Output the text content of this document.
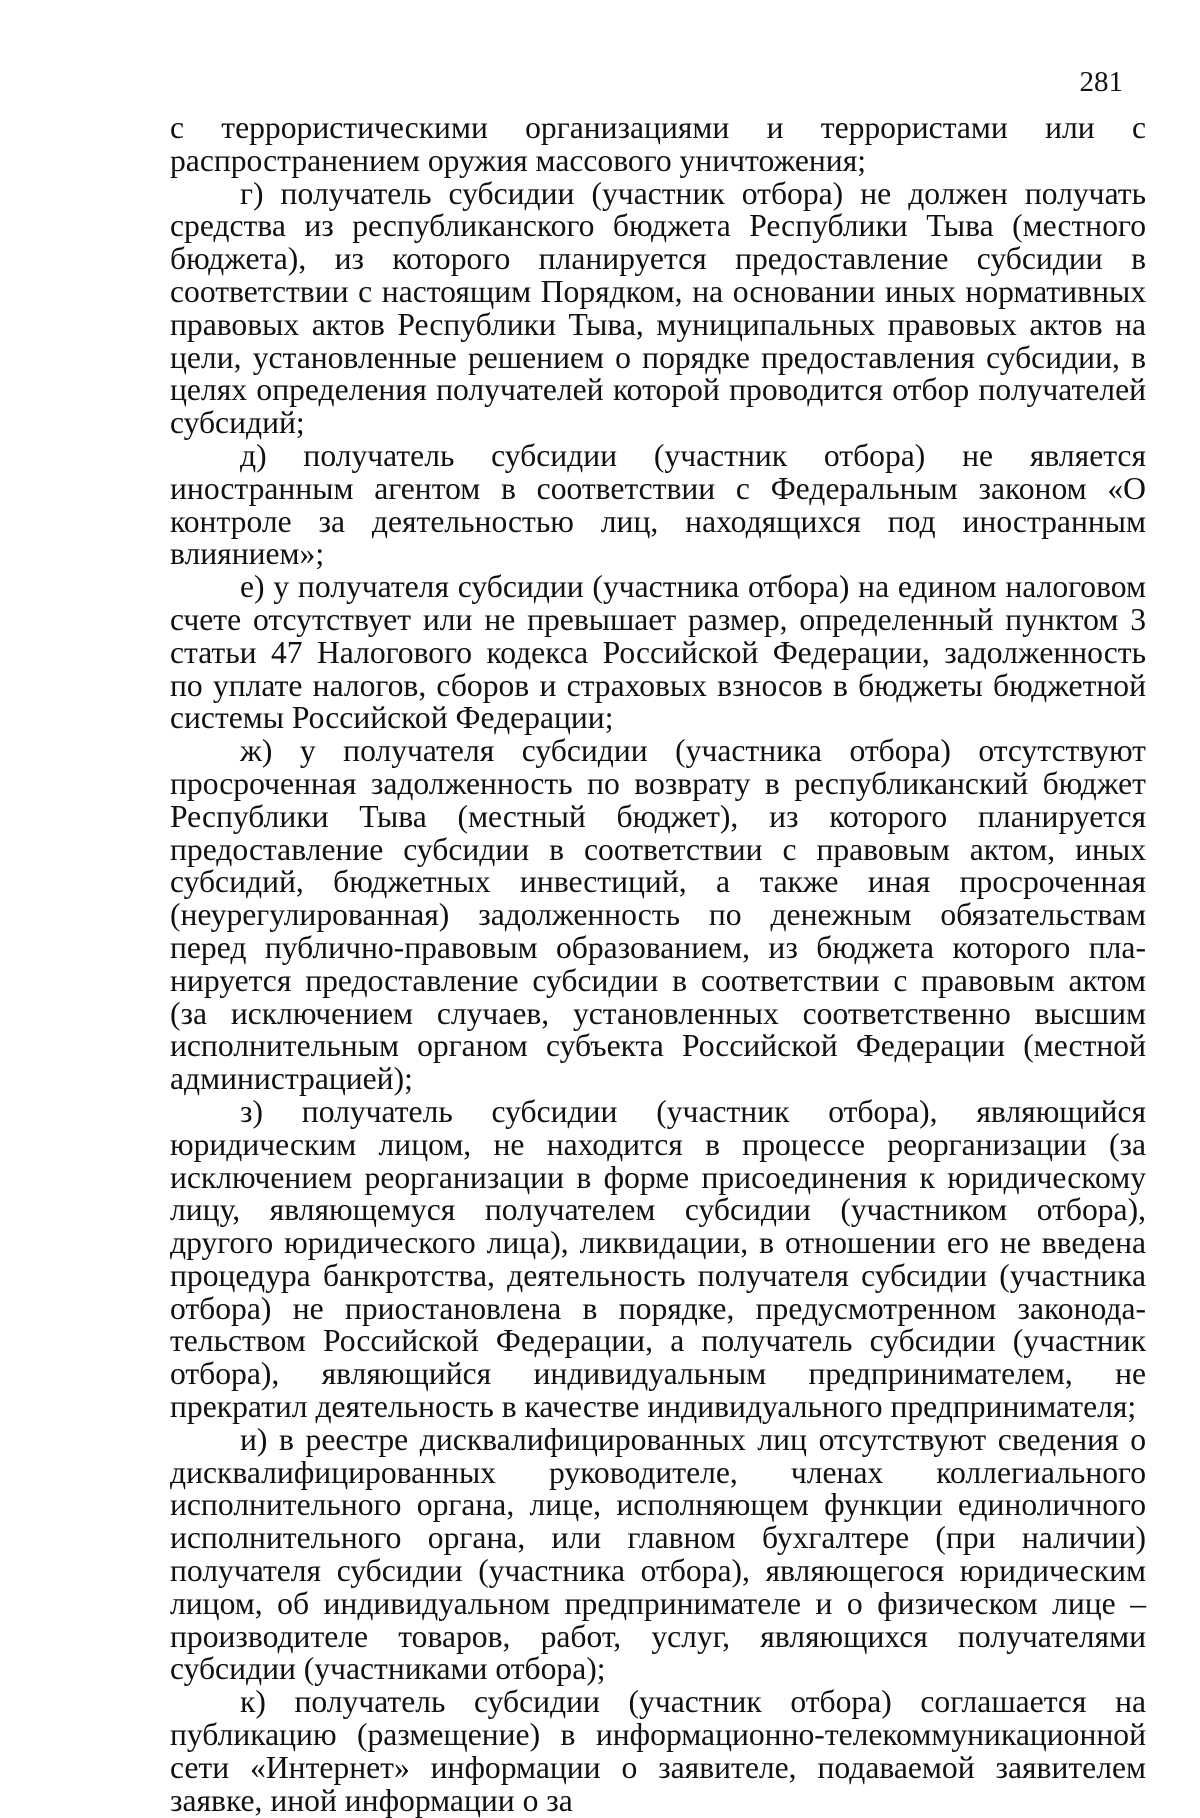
281

с террористическими организациями и террористами или с распространением оружия массового уничтожения;

г) получатель субсидии (участник отбора) не должен получать средства из республиканского бюджета Республики Тыва (местного бюджета), из которого планируется предоставление субсидии в соответствии с настоящим Порядком, на основании иных нормативных правовых актов Республики Тыва, муниципальных правовых актов на цели, установленные решением о порядке предоставления субсидии, в целях определения получателей которой проводится отбор получателей субсидий;

д) получатель субсидии (участник отбора) не является иностранным агентом в соответствии с Федеральным законом «О контроле за деятельностью лиц, находящихся под иностранным влиянием»;

е) у получателя субсидии (участника отбора) на едином налоговом счете отсутствует или не превышает размер, определенный пунктом 3 статьи 47 Налогового кодекса Российской Федерации, задолженность по уплате налогов, сборов и страховых взносов в бюджеты бюджетной системы Российской Федерации;

ж) у получателя субсидии (участника отбора) отсутствуют просроченная задолженность по возврату в республиканский бюджет Республики Тыва (местный бюджет), из которого планируется предоставление субсидии в соответствии с правовым актом, иных субсидий, бюджетных инвестиций, а также иная просроченная (неурегулированная) задолженность по денежным обязательствам перед публично-правовым образованием, из бюджета которого планируется предоставление субсидии в соответствии с правовым актом (за исключением случаев, установленных соответственно высшим исполнительным органом субъекта Российской Федерации (местной администрацией);

з) получатель субсидии (участник отбора), являющийся юридическим лицом, не находится в процессе реорганизации (за исключением реорганизации в форме присоединения к юридическому лицу, являющемуся получателем субсидии (участником отбора), другого юридического лица), ликвидации, в отношении его не введена процедура банкротства, деятельность получателя субсидии (участника отбора) не приостановлена в порядке, предусмотренном законодательством Российской Федерации, а получатель субсидии (участник отбора), являющийся индивидуальным предпринимателем, не прекратил деятельность в качестве индивидуального предпринимателя;

и) в реестре дисквалифицированных лиц отсутствуют сведения о дисквалифицированных руководителе, членах коллегиального исполнительного органа, лице, исполняющем функции единоличного исполнительного органа, или главном бухгалтере (при наличии) получателя субсидии (участника отбора), являющегося юридическим лицом, об индивидуальном предпринимателе и о физическом лице – производителе товаров, работ, услуг, являющихся получателями субсидии (участниками отбора);

к) получатель субсидии (участник отбора) соглашается на публикацию (размещение) в информационно-телекоммуникационной сети «Интернет» информации о заявителе, подаваемой заявителем заявке, иной информации о за
